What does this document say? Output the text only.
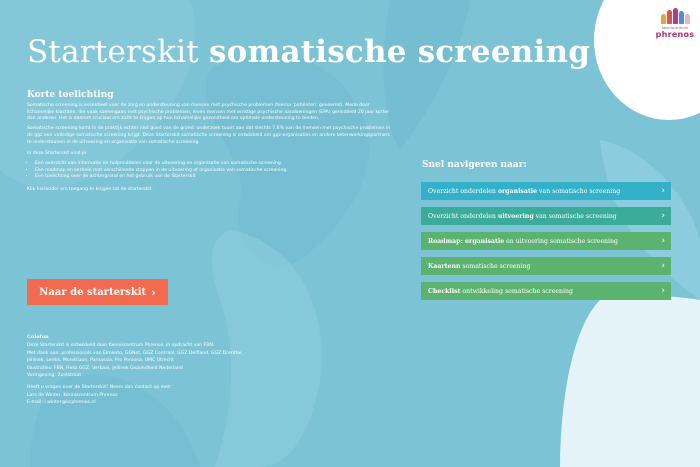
kenniscentrum
phrenos
Starterskit somatische screening
Korte toelichting

Somatische screening is essentieel voor de zorg en ondersteuning van mensen met psychische problemen (hierna ‘patiënten’ genoemd). Mede door lichamelijke klachten, die vaak samengaan met psychische problemen, leven mensen met ernstige psychische aandoeningen (EPA) gemiddeld 20 jaar korter dan anderen. Het is daarom cruciaal om zicht te krijgen op hun lichamelijke gezondheid om optimale ondersteuning te bieden.

Somatische screening komt in de praktijk echter niet goed van de grond: onderzoek toont aan dat slechts 7,6% van de mensen met psychische problemen in de ggz een volledige somatische screening krijgt. Deze Starterskit somatische screening is ontwikkeld om ggz-organisaties en andere ketenwerkingspartners te ondersteunen in de uitvoering en organisatie van somatische screening.

In deze Starterskit vind je:

• Een overzicht van informatie en hulpmiddelen voor de uitvoering en organisatie van somatische screening.
• Een roadmap en kerlrein met verschillende stappen in de uitvoering of organisatie van somatische screening.
• Een toelichting over de achtergrond en het gebruik van de Starterskit

Klik hieronder om toegang te krijgen tot de starterskit.

Naar de starterskit ›
Colofon

Deze Starterskit is ontwikkeld door Kenniscentrum Phrenos, in opdracht van FBN.
Met dank aan: professionals van Elmento, GGNet, GGZ Centraal, GGZ Delfland, GGZ Drenthe,
Jellinek, Lentis, Mondriaan, Parnassia, Pro Persona, UMC Utrecht
Illustraties: FBN, Heliz GGZ, Verbaal, Jellinek Gezondheid Nederland
Vormgeving: Zuidstraat

Heeft u vragen over de Starterskit? Neem dan contact op met:
Lars de Winter, Kenniscentrum Phrenos
E-mail: l.winter@kcphrenos.nl

Snel navigeren naar:
Overzicht onderdelen organisatie van somatische screening	›
Overzicht onderdelen uitvoering van somatische screening	›
Roadmap: organisatie en uitvoering somatische screening	›
Kaartenn somatische screening	›
Checklist ontwikkeling somatische screening	›
